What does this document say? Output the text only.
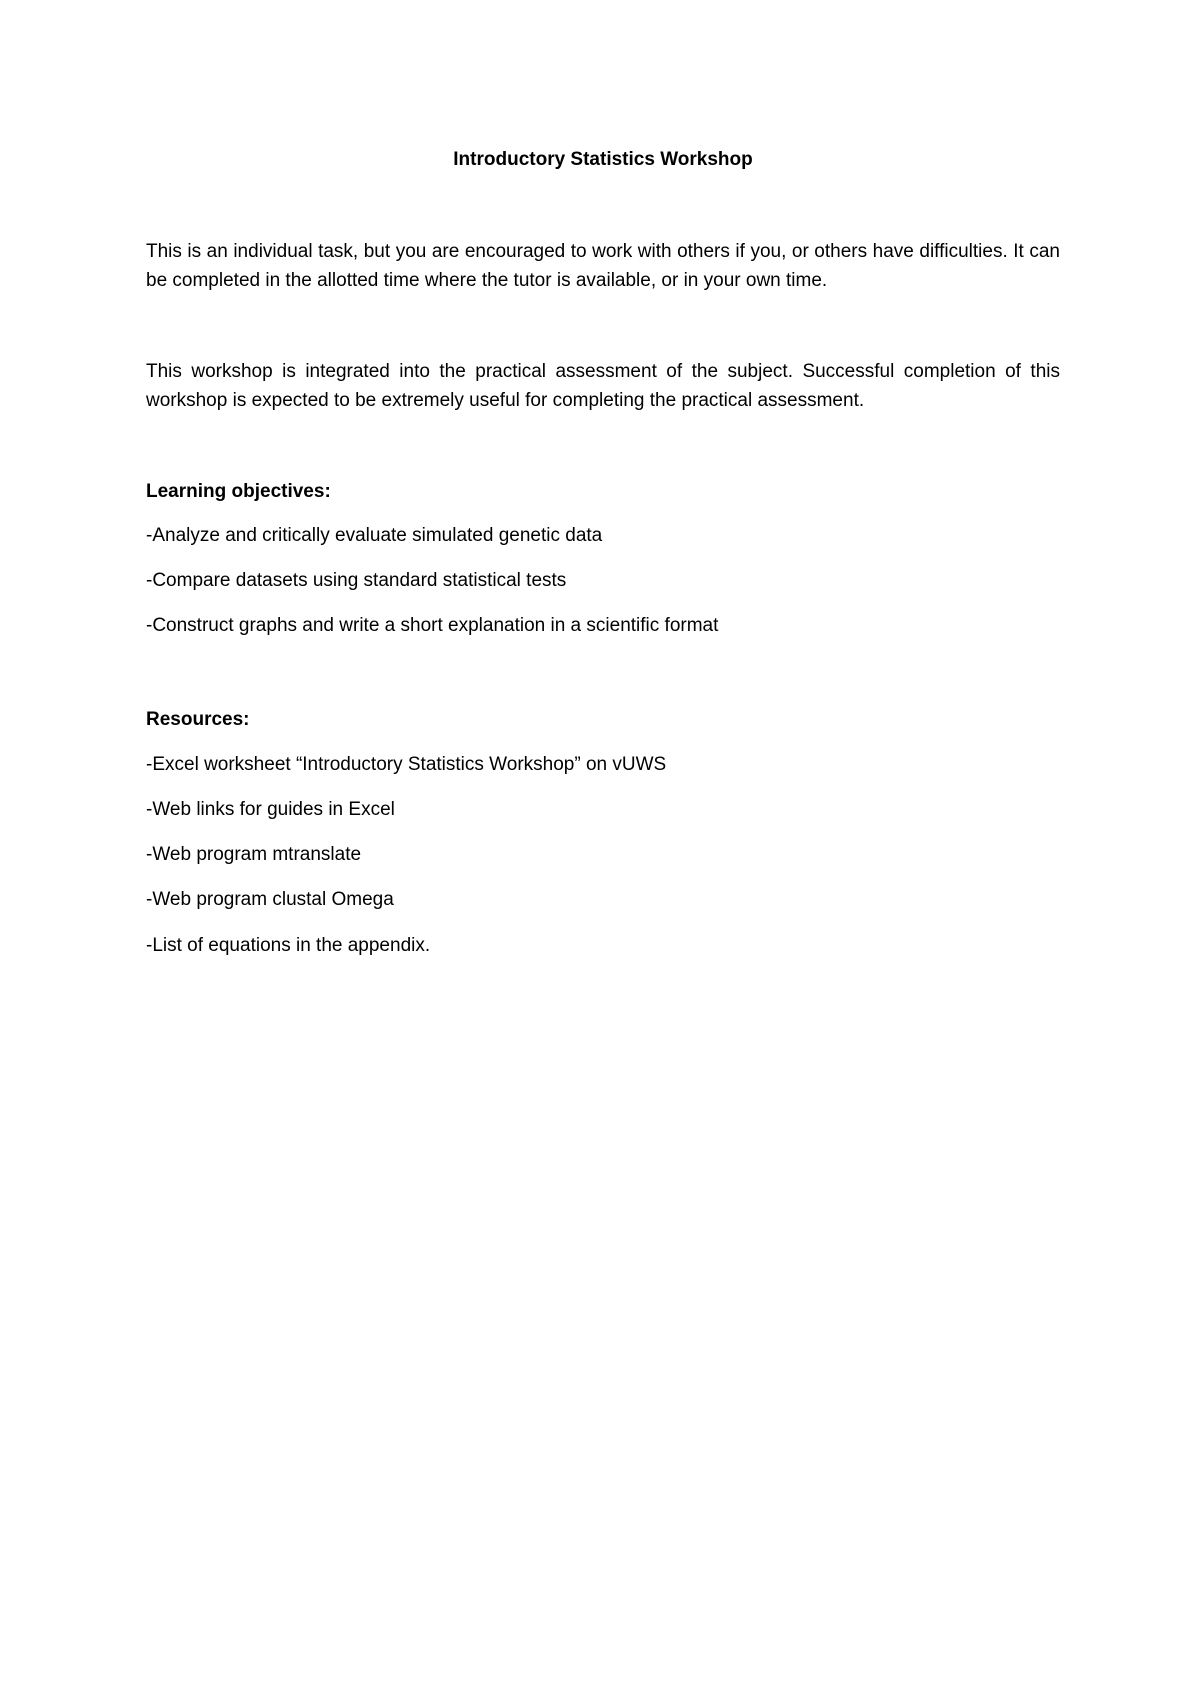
Introductory Statistics Workshop
This is an individual task, but you are encouraged to work with others if you, or others have difficulties. It can be completed in the allotted time where the tutor is available, or in your own time.
This workshop is integrated into the practical assessment of the subject. Successful completion of this workshop is expected to be extremely useful for completing the practical assessment.
Learning objectives:
-Analyze and critically evaluate simulated genetic data
-Compare datasets using standard statistical tests
-Construct graphs and write a short explanation in a scientific format
Resources:
-Excel worksheet “Introductory Statistics Workshop” on vUWS
-Web links for guides in Excel
-Web program mtranslate
-Web program clustal Omega
-List of equations in the appendix.
